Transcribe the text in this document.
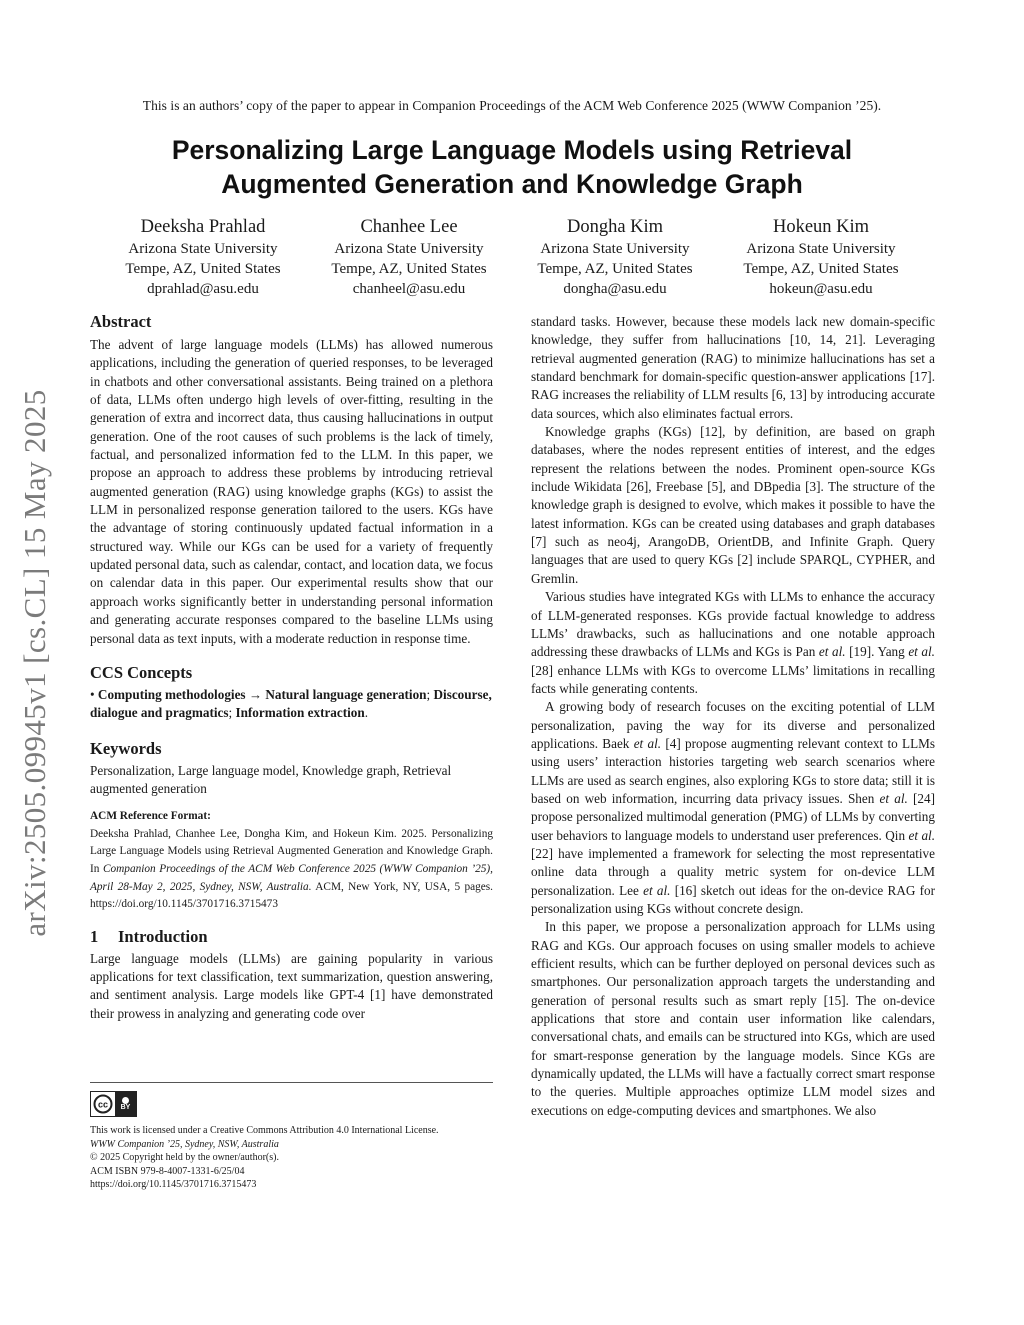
This is an authors’ copy of the paper to appear in Companion Proceedings of the ACM Web Conference 2025 (WWW Companion ’25).
Personalizing Large Language Models using Retrieval Augmented Generation and Knowledge Graph
Deeksha Prahlad
Arizona State University
Tempe, AZ, United States
dprahlad@asu.edu
Chanhee Lee
Arizona State University
Tempe, AZ, United States
chanheel@asu.edu
Dongha Kim
Arizona State University
Tempe, AZ, United States
dongha@asu.edu
Hokeun Kim
Arizona State University
Tempe, AZ, United States
hokeun@asu.edu
arXiv:2505.09945v1 [cs.CL] 15 May 2025
Abstract

The advent of large language models (LLMs) has allowed numerous applications, including the generation of queried responses, to be leveraged in chatbots and other conversational assistants. Being trained on a plethora of data, LLMs often undergo high levels of over-fitting, resulting in the generation of extra and incorrect data, thus causing hallucinations in output generation. One of the root causes of such problems is the lack of timely, factual, and personalized information fed to the LLM. In this paper, we propose an approach to address these problems by introducing retrieval augmented generation (RAG) using knowledge graphs (KGs) to assist the LLM in personalized response generation tailored to the users. KGs have the advantage of storing continuously updated factual information in a structured way. While our KGs can be used for a variety of frequently updated personal data, such as calendar, contact, and location data, we focus on calendar data in this paper. Our experimental results show that our approach works significantly better in understanding personal information and generating accurate responses compared to the baseline LLMs using personal data as text inputs, with a moderate reduction in response time.

CCS Concepts

• Computing methodologies → Natural language generation; Discourse, dialogue and pragmatics; Information extraction.

Keywords

Personalization, Large language model, Knowledge graph, Retrieval augmented generation

ACM Reference Format:
Deeksha Prahlad, Chanhee Lee, Dongha Kim, and Hokeun Kim. 2025. Personalizing Large Language Models using Retrieval Augmented Generation and Knowledge Graph. In Companion Proceedings of the ACM Web Conference 2025 (WWW Companion ’25), April 28-May 2, 2025, Sydney, NSW, Australia. ACM, New York, NY, USA, 5 pages. https://doi.org/10.1145/3701716.3715473
1 Introduction

Large language models (LLMs) are gaining popularity in various applications for text classification, text summarization, question answering, and sentiment analysis. Large models like GPT-4 [1] have demonstrated their prowess in analyzing and generating code over

cc BY
This work is licensed under a Creative Commons Attribution 4.0 International License.
WWW Companion ’25, Sydney, NSW, Australia
© 2025 Copyright held by the owner/author(s).
ACM ISBN 979-8-4007-1331-6/25/04
https://doi.org/10.1145/3701716.3715473

standard tasks. However, because these models lack new domain-specific knowledge, they suffer from hallucinations [10, 14, 21]. Leveraging retrieval augmented generation (RAG) to minimize hallucinations has set a standard benchmark for domain-specific question-answer applications [17]. RAG increases the reliability of LLM results [6, 13] by introducing accurate data sources, which also eliminates factual errors.

Knowledge graphs (KGs) [12], by definition, are based on graph databases, where the nodes represent entities of interest, and the edges represent the relations between the nodes. Prominent open-source KGs include Wikidata [26], Freebase [5], and DBpedia [3]. The structure of the knowledge graph is designed to evolve, which makes it possible to have the latest information. KGs can be created using databases and graph databases [7] such as neo4j, ArangoDB, OrientDB, and Infinite Graph. Query languages that are used to query KGs [2] include SPARQL, CYPHER, and Gremlin.

Various studies have integrated KGs with LLMs to enhance the accuracy of LLM-generated responses. KGs provide factual knowledge to address LLMs’ drawbacks, such as hallucinations and one notable approach addressing these drawbacks of LLMs and KGs is Pan et al. [19]. Yang et al. [28] enhance LLMs with KGs to overcome LLMs’ limitations in recalling facts while generating contents.

A growing body of research focuses on the exciting potential of LLM personalization, paving the way for its diverse and personalized applications. Baek et al. [4] propose augmenting relevant context to LLMs using users’ interaction histories targeting web search scenarios where LLMs are used as search engines, also exploring KGs to store data; still it is based on web information, incurring data privacy issues. Shen et al. [24] propose personalized multimodal generation (PMG) of LLMs by converting user behaviors to language models to understand user preferences. Qin et al. [22] have implemented a framework for selecting the most representative online data through a quality metric system for on-device LLM personalization. Lee et al. [16] sketch out ideas for the on-device RAG for personalization using KGs without concrete design.

In this paper, we propose a personalization approach for LLMs using RAG and KGs. Our approach focuses on using smaller models to achieve efficient results, which can be further deployed on personal devices such as smartphones. Our personalization approach targets the understanding and generation of personal results such as smart reply [15]. The on-device applications that store and contain user information like calendars, conversational chats, and emails can be structured into KGs, which are used for smart-response generation by the language models. Since KGs are dynamically updated, the LLMs will have a factually correct smart response to the queries. Multiple approaches optimize LLM model sizes and executions on edge-computing devices and smartphones. We also
